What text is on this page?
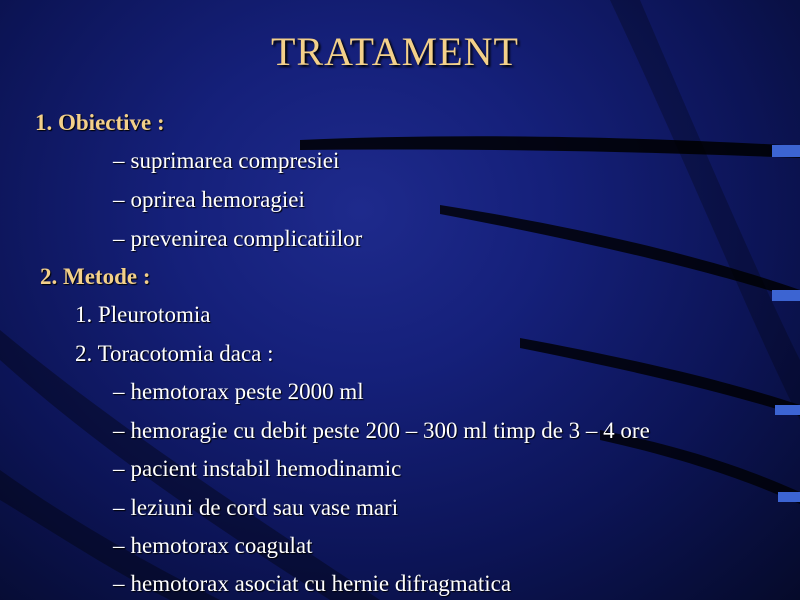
TRATAMENT
1. Obiective :
– suprimarea compresiei
– oprirea hemoragiei
– prevenirea complicatiilor
2. Metode :
1. Pleurotomia
2. Toracotomia daca :
– hemotorax peste 2000 ml
– hemoragie cu debit peste 200 – 300 ml timp de 3 – 4 ore
– pacient instabil hemodinamic
– leziuni de cord sau vase mari
– hemotorax coagulat
– hemotorax asociat cu hernie difragmatica
